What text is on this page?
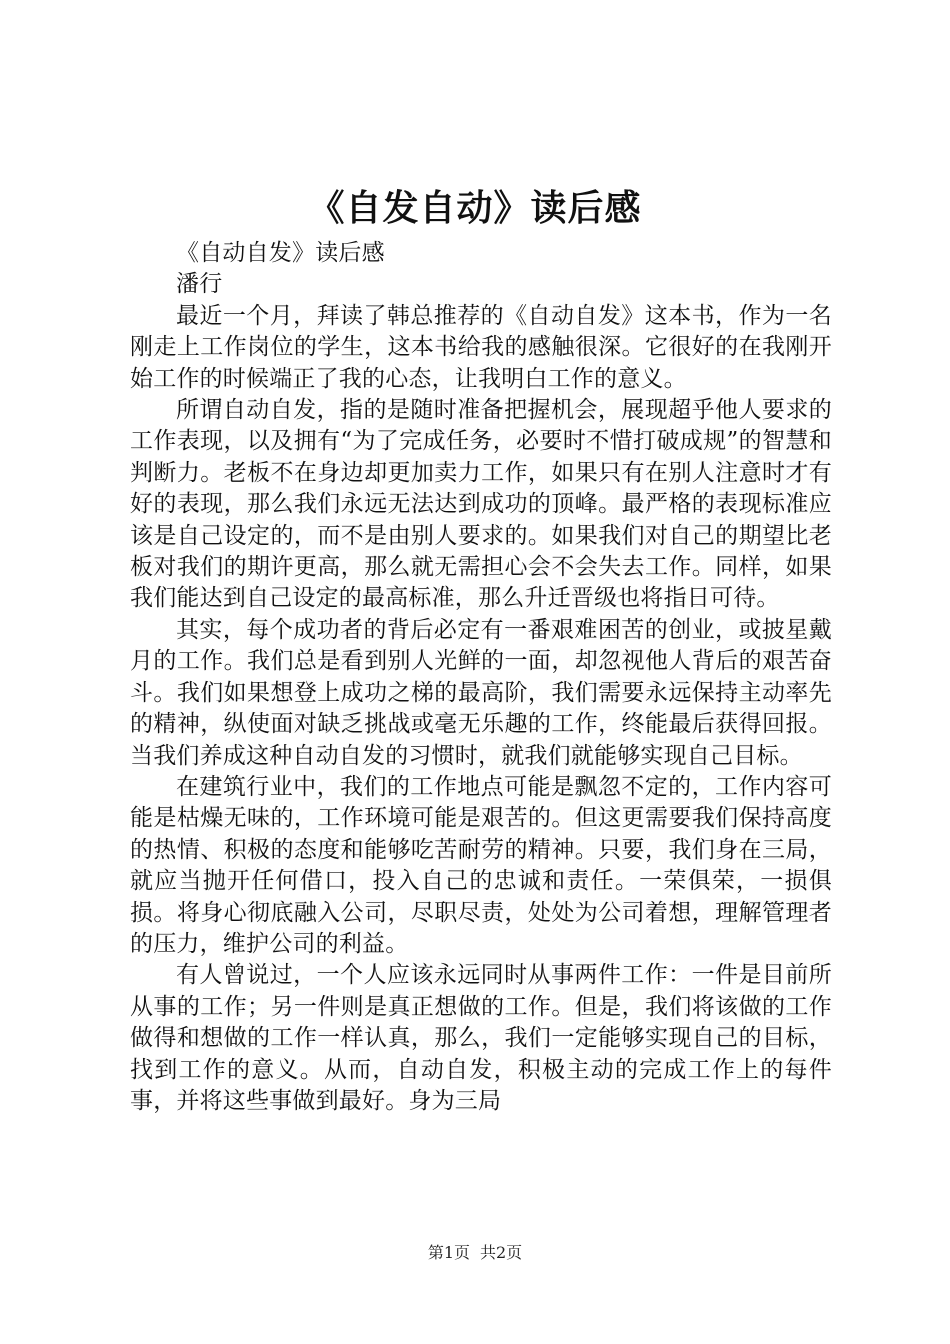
《自发自动》读后感

《自动自发》读后感

潘行

最近一个月，拜读了韩总推荐的《自动自发》这本书，作为一名刚走上工作岗位的学生，这本书给我的感触很深。它很好的在我刚开始工作的时候端正了我的心态，让我明白工作的意义。

所谓自动自发，指的是随时准备把握机会，展现超乎他人要求的工作表现，以及拥有“为了完成任务，必要时不惜打破成规”的智慧和判断力。老板不在身边却更加卖力工作，如果只有在别人注意时才有好的表现，那么我们永远无法达到成功的顶峰。最严格的表现标准应该是自己设定的，而不是由别人要求的。如果我们对自己的期望比老板对我们的期许更高，那么就无需担心会不会失去工作。同样，如果我们能达到自己设定的最高标准，那么升迁晋级也将指日可待。

其实，每个成功者的背后必定有一番艰难困苦的创业，或披星戴月的工作。我们总是看到别人光鲜的一面，却忽视他人背后的艰苦奋斗。我们如果想登上成功之梯的最高阶，我们需要永远保持主动率先的精神，纵使面对缺乏挑战或毫无乐趣的工作，终能最后获得回报。当我们养成这种自动自发的习惯时，就我们就能够实现自己目标。

在建筑行业中，我们的工作地点可能是飘忽不定的，工作内容可能是枯燥无味的，工作环境可能是艰苦的。但这更需要我们保持高度的热情、积极的态度和能够吃苦耐劳的精神。只要，我们身在三局，就应当抛开任何借口，投入自己的忠诚和责任。一荣俱荣，一损俱损。将身心彻底融入公司，尽职尽责，处处为公司着想，理解管理者的压力，维护公司的利益。

有人曾说过，一个人应该永远同时从事两件工作：一件是目前所从事的工作；另一件则是真正想做的工作。但是，我们将该做的工作做得和想做的工作一样认真，那么，我们一定能够实现自己的目标，找到工作的意义。从而，自动自发，积极主动的完成工作上的每件事，并将这些事做到最好。身为三局

第1页 共2页
